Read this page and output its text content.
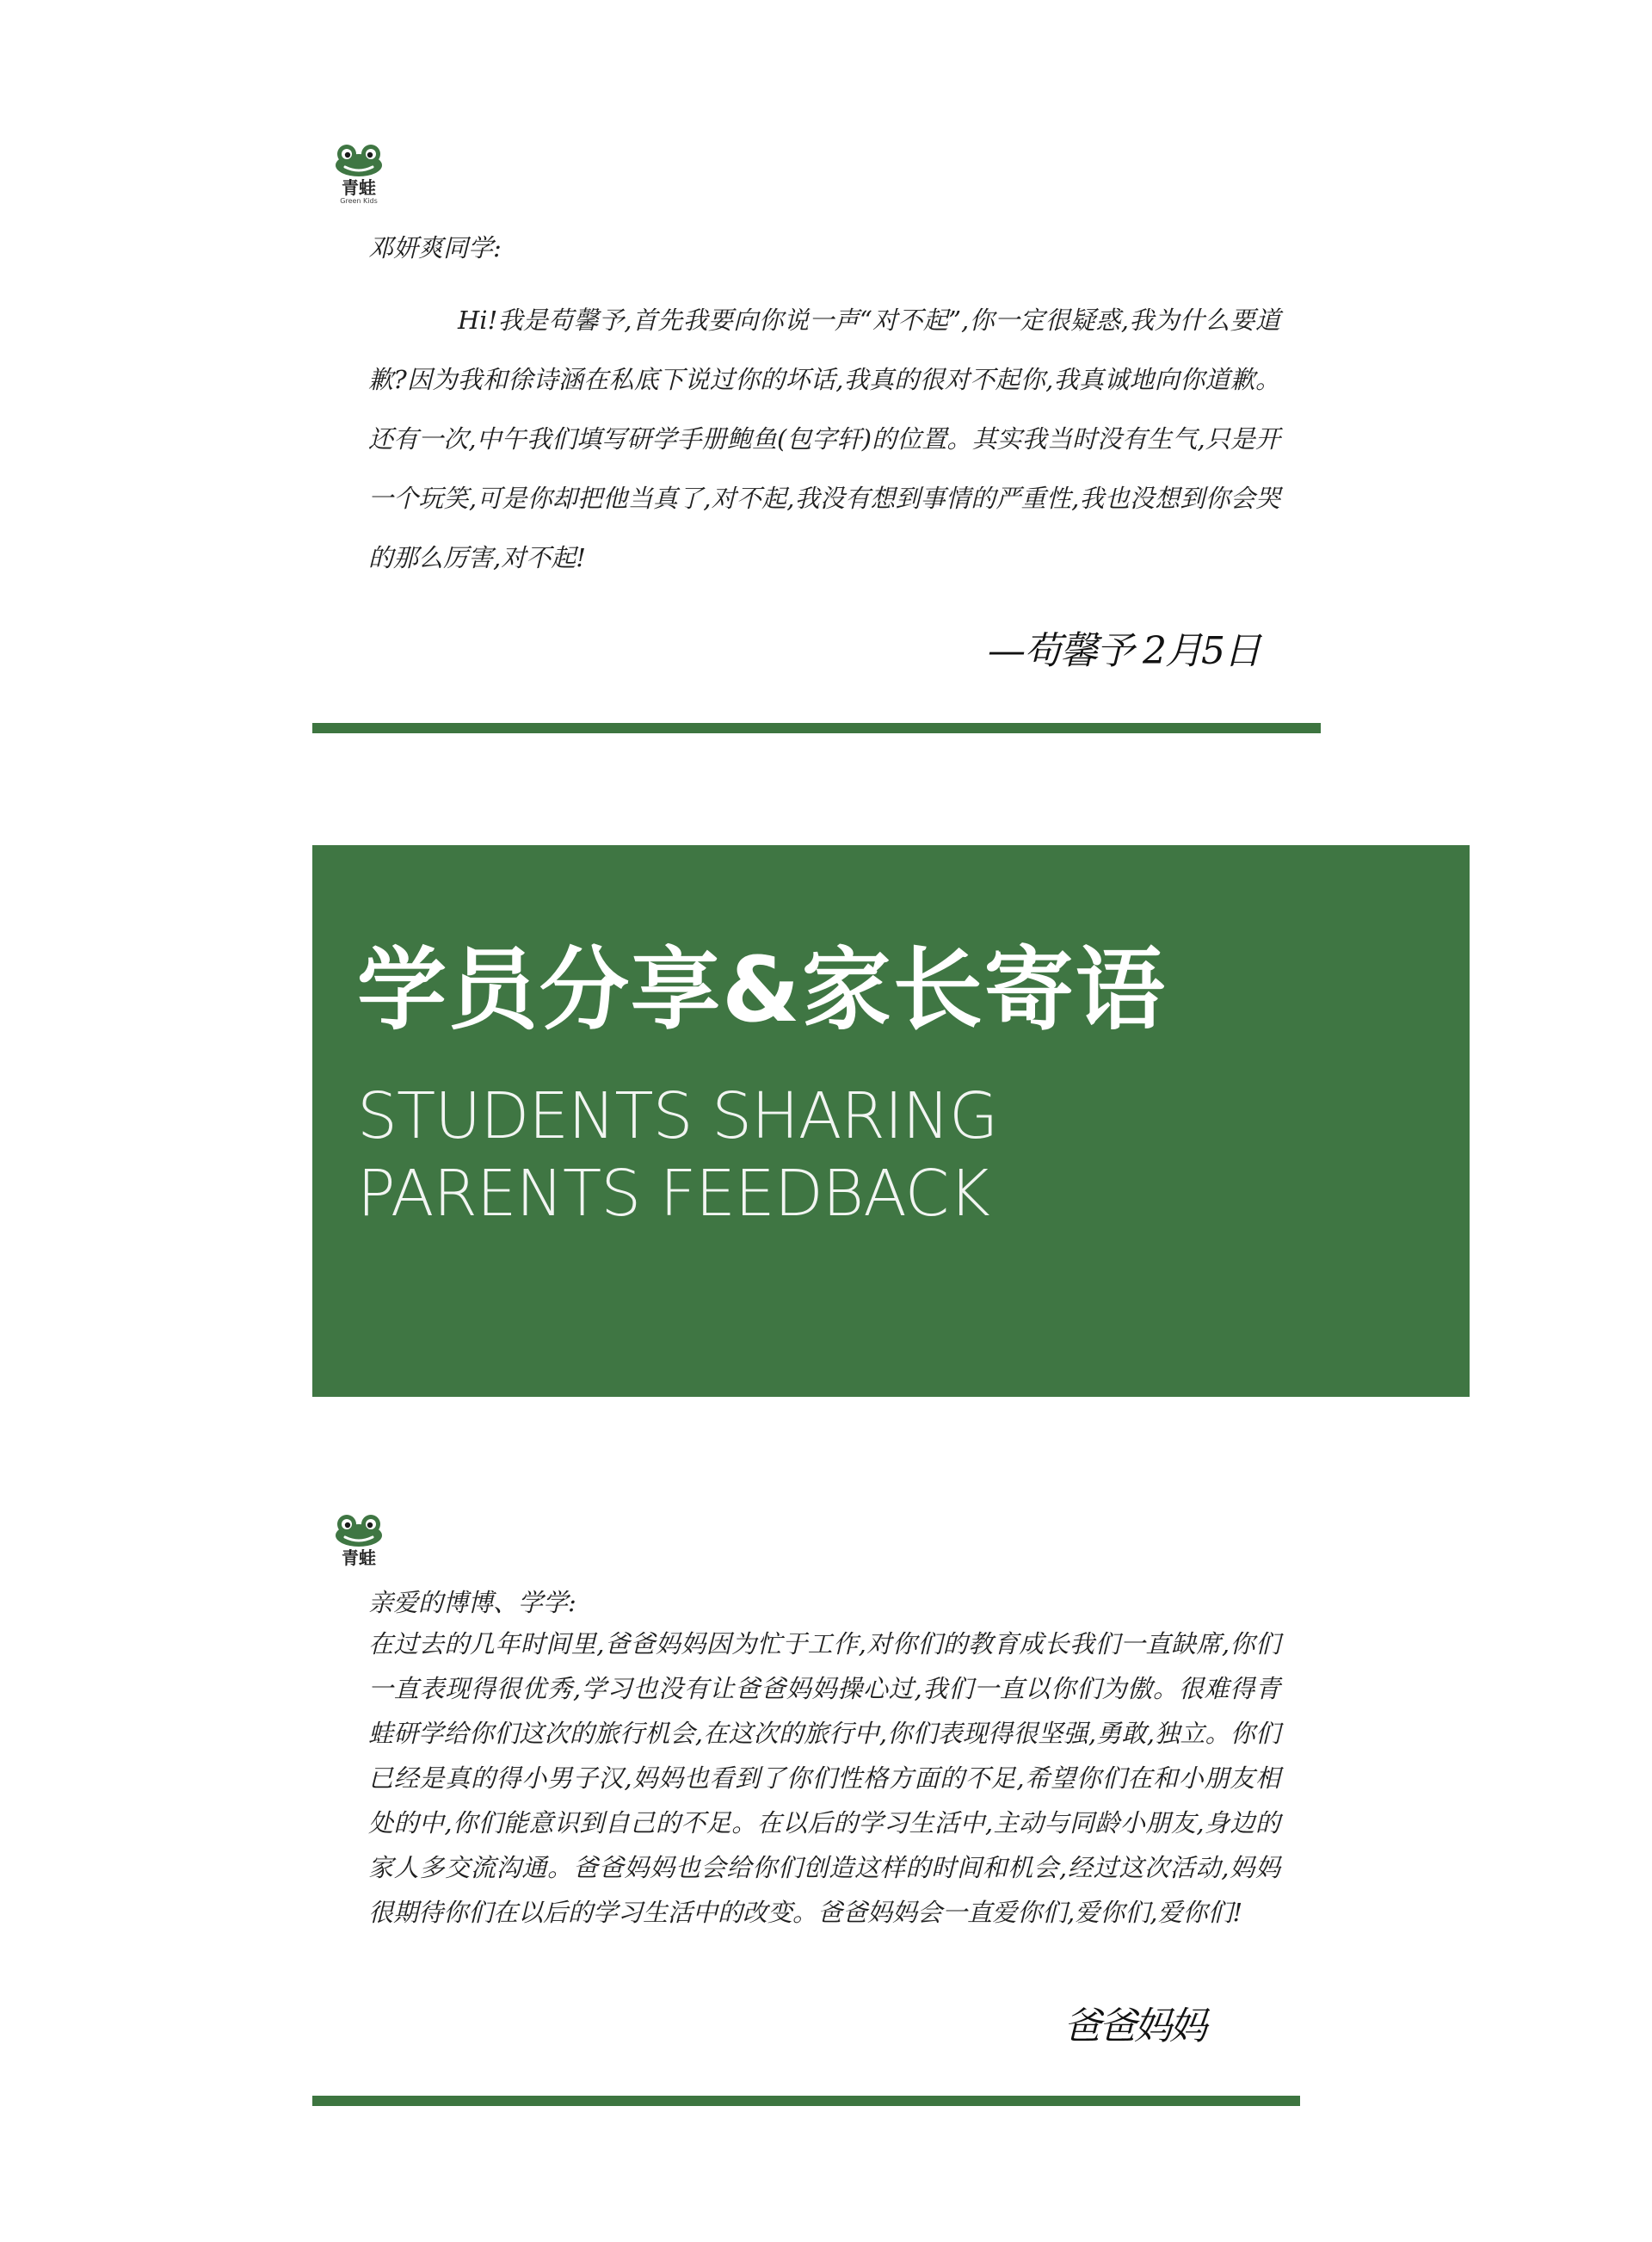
青蛙
Green Kids
邓妍爽同学:
Hi!我是苟馨予,首先我要向你说一声“对不起”,你一定很疑惑,我为什么要道歉?因为我和徐诗涵在私底下说过你的坏话,我真的很对不起你,我真诚地向你道歉。还有一次,中午我们填写研学手册鲍鱼(包字轩)的位置。其实我当时没有生气,只是开一个玩笑,可是你却把他当真了,对不起,我没有想到事情的严重性,我也没想到你会哭的那么厉害,对不起!
—苟馨予 2月5日
学员分享&家长寄语
STUDENTS SHARING
PARENTS FEEDBACK
青蛙
亲爱的博博、学学:
在过去的几年时间里,爸爸妈妈因为忙于工作,对你们的教育成长我们一直缺席,你们一直表现得很优秀,学习也没有让爸爸妈妈操心过,我们一直以你们为傲。很难得青蛙研学给你们这次的旅行机会,在这次的旅行中,你们表现得很坚强,勇敢,独立。你们已经是真的得小男子汉,妈妈也看到了你们性格方面的不足,希望你们在和小朋友相处的中,你们能意识到自己的不足。在以后的学习生活中,主动与同龄小朋友,身边的家人多交流沟通。爸爸妈妈也会给你们创造这样的时间和机会,经过这次活动,妈妈很期待你们在以后的学习生活中的改变。爸爸妈妈会一直爱你们,爱你们,爱你们!
爸爸妈妈
